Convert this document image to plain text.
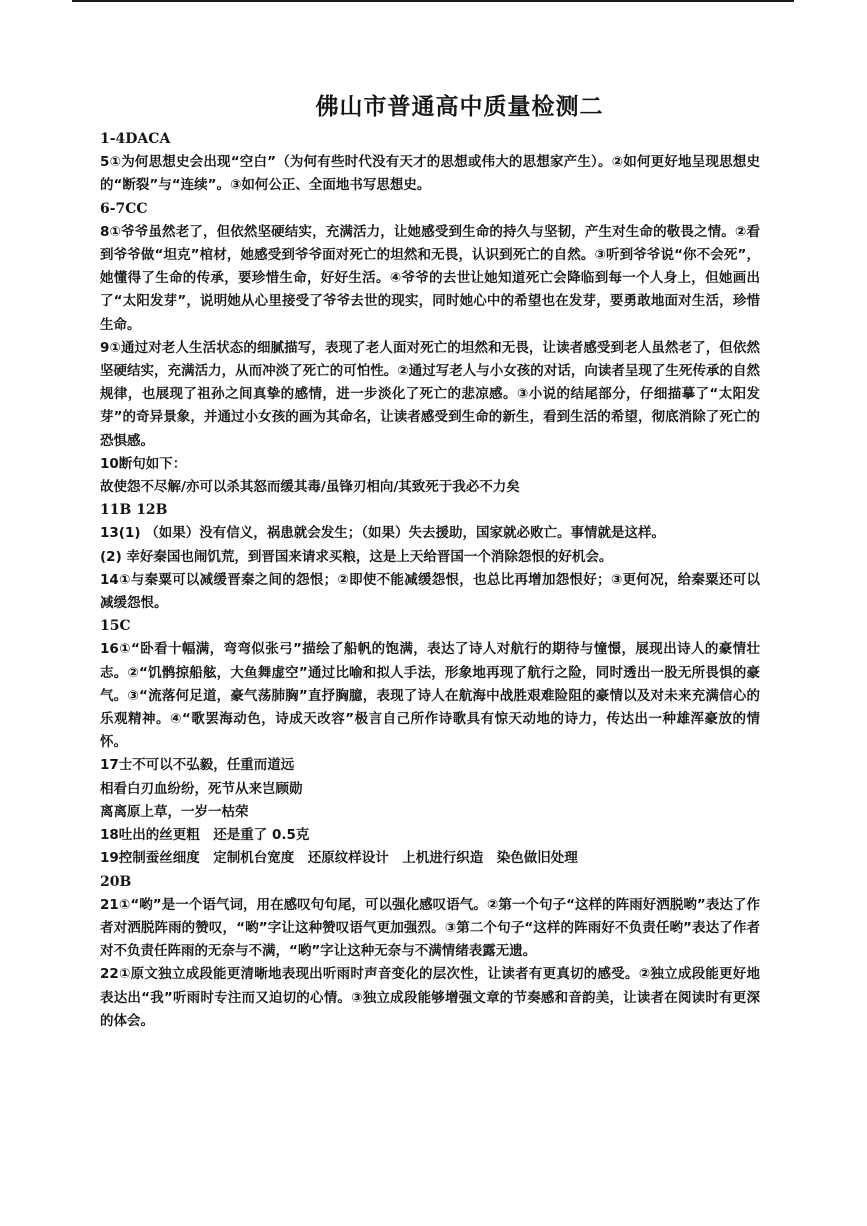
佛山市普通高中质量检测二

1-4DACA

5①为何思想史会出现“空白”（为何有些时代没有天才的思想或伟大的思想家产生）。②如何更好地呈现思想史的“断裂”与“连续”。③如何公正、全面地书写思想史。

6-7CC

8①爷爷虽然老了，但依然坚硬结实，充满活力，让她感受到生命的持久与坚韧，产生对生命的敬畏之情。②看到爷爷做“坦克”棺材，她感受到爷爷面对死亡的坦然和无畏，认识到死亡的自然。③听到爷爷说“你不会死”，她懂得了生命的传承，要珍惜生命，好好生活。④爷爷的去世让她知道死亡会降临到每一个人身上，但她画出了“太阳发芽”，说明她从心里接受了爷爷去世的现实，同时她心中的希望也在发芽，要勇敢地面对生活，珍惜生命。

9①通过对老人生活状态的细腻描写，表现了老人面对死亡的坦然和无畏，让读者感受到老人虽然老了，但依然坚硬结实，充满活力，从而冲淡了死亡的可怕性。②通过写老人与小女孩的对话，向读者呈现了生死传承的自然规律，也展现了祖孙之间真挚的感情，进一步淡化了死亡的悲凉感。③小说的结尾部分，仔细描摹了“太阳发芽”的奇异景象，并通过小女孩的画为其命名，让读者感受到生命的新生，看到生活的希望，彻底消除了死亡的恐惧感。

10断句如下：

故使怨不尽解/亦可以杀其怒而缓其毒/虽锋刃相向/其致死于我必不力矣

11B 12B

13(1) （如果）没有信义，祸患就会发生；（如果）失去援助，国家就必败亡。事情就是这样。

(2) 幸好秦国也闹饥荒，到晋国来请求买粮，这是上天给晋国一个消除怨恨的好机会。

14①与秦粟可以减缓晋秦之间的怨恨；②即使不能减缓怨恨，也总比再增加怨恨好；③更何况，给秦粟还可以减缓怨恨。

15C

16①“卧看十幅满，弯弯似张弓”描绘了船帆的饱满，表达了诗人对航行的期待与憧憬，展现出诗人的豪情壮志。②“饥鹘掠船舷，大鱼舞虚空”通过比喻和拟人手法，形象地再现了航行之险，同时透出一股无所畏惧的豪气。③“流落何足道，豪气荡肺胸”直抒胸臆，表现了诗人在航海中战胜艰难险阻的豪情以及对未来充满信心的乐观精神。④“歌罢海动色，诗成天改容”极言自己所作诗歌具有惊天动地的诗力，传达出一种雄浑豪放的情怀。

17士不可以不弘毅，任重而道远

相看白刃血纷纷，死节从来岂顾勋

离离原上草，一岁一枯荣

18吐出的丝更粗　还是重了 0.5克

19控制蚕丝细度　定制机台宽度　还原纹样设计　上机进行织造　染色做旧处理

20B

21①“哟”是一个语气词，用在感叹句句尾，可以强化感叹语气。②第一个句子“这样的阵雨好洒脱哟”表达了作者对洒脱阵雨的赞叹，“哟”字让这种赞叹语气更加强烈。③第二个句子“这样的阵雨好不负责任哟”表达了作者对不负责任阵雨的无奈与不满，“哟”字让这种无奈与不满情绪表露无遗。

22①原文独立成段能更清晰地表现出听雨时声音变化的层次性，让读者有更真切的感受。②独立成段能更好地表达出“我”听雨时专注而又迫切的心情。③独立成段能够增强文章的节奏感和音韵美，让读者在阅读时有更深的体会。
